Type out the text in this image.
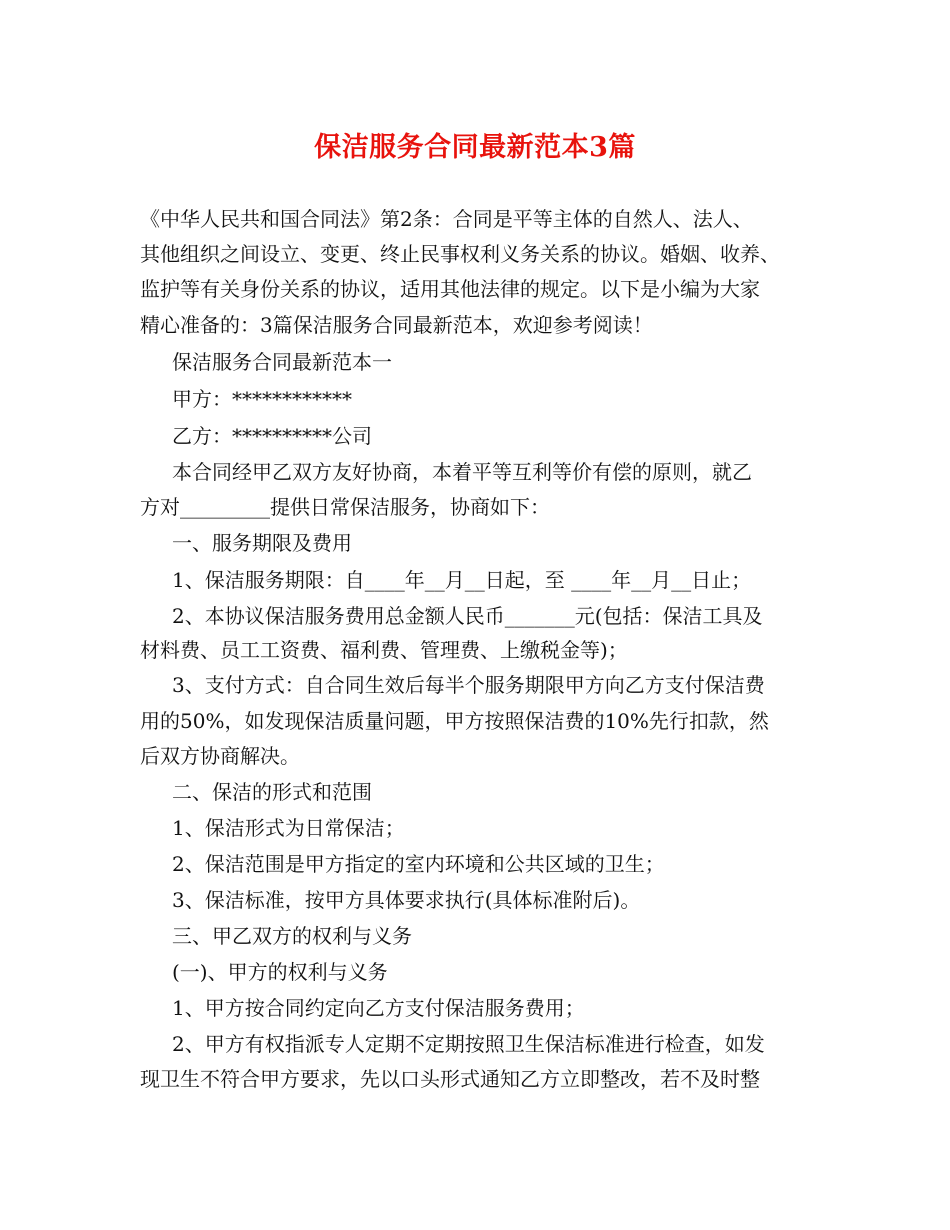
保洁服务合同最新范本3篇
《中华人民共和国合同法》第2条：合同是平等主体的自然人、法人、
其他组织之间设立、变更、终止民事权利义务关系的协议。婚姻、收养、
监护等有关身份关系的协议，适用其他法律的规定。以下是小编为大家
精心准备的：3篇保洁服务合同最新范本，欢迎参考阅读！
保洁服务合同最新范本一
甲方：************
乙方：**********公司
本合同经甲乙双方友好协商，本着平等互利等价有偿的原则，就乙
方对_________提供日常保洁服务，协商如下：
一、服务期限及费用
1、保洁服务期限：自____年__月__日起，至 ____年__月__日止；
2、本协议保洁服务费用总金额人民币_______元(包括：保洁工具及
材料费、员工工资费、福利费、管理费、上缴税金等)；
3、支付方式：自合同生效后每半个服务期限甲方向乙方支付保洁费
用的50%，如发现保洁质量问题，甲方按照保洁费的10%先行扣款，然
后双方协商解决。
二、保洁的形式和范围
1、保洁形式为日常保洁；
2、保洁范围是甲方指定的室内环境和公共区域的卫生；
3、保洁标准，按甲方具体要求执行(具体标准附后)。
三、甲乙双方的权利与义务
(一)、甲方的权利与义务
1、甲方按合同约定向乙方支付保洁服务费用；
2、甲方有权指派专人定期不定期按照卫生保洁标准进行检查，如发
现卫生不符合甲方要求，先以口头形式通知乙方立即整改，若不及时整
